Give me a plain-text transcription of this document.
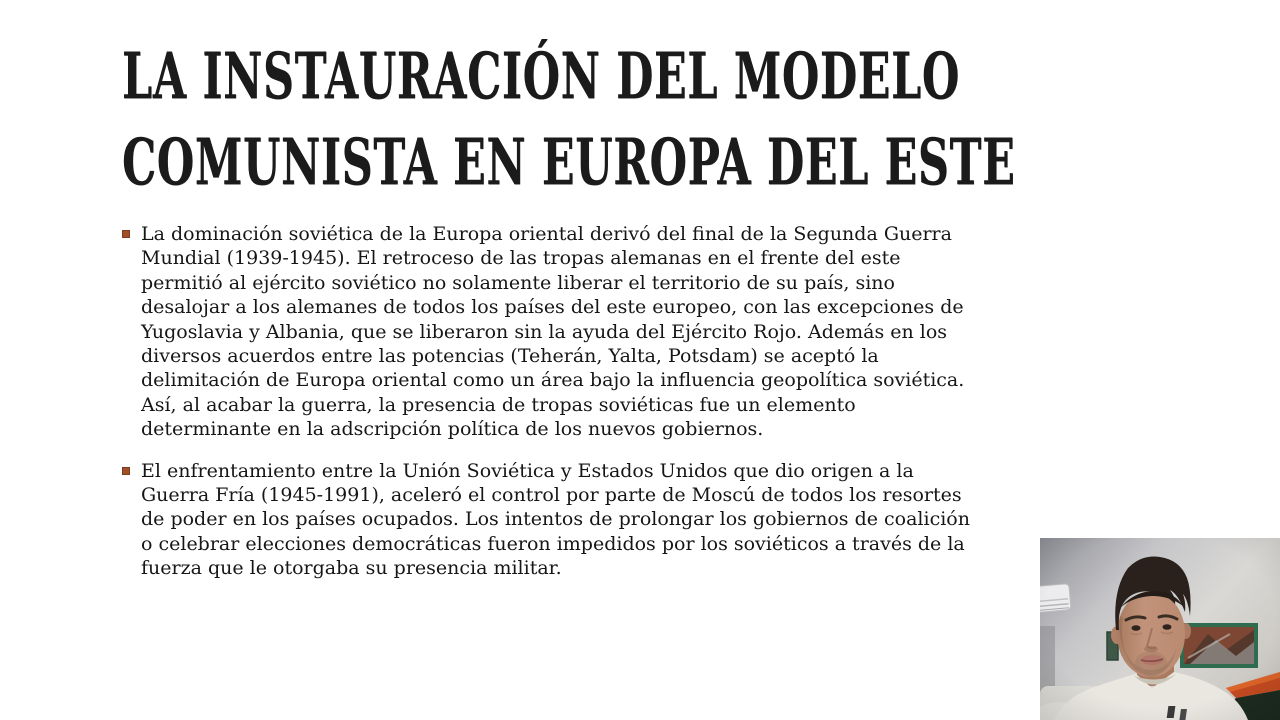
LA INSTAURACIÓN DEL MODELO
COMUNISTA EN EUROPA DEL ESTE
La dominación soviética de la Europa oriental derivó del final de la Segunda Guerra Mundial (1939-1945). El retroceso de las tropas alemanas en el frente del este permitió al ejército soviético no solamente liberar el territorio de su país, sino desalojar a los alemanes de todos los países del este europeo, con las excepciones de Yugoslavia y Albania, que se liberaron sin la ayuda del Ejército Rojo. Además en los diversos acuerdos entre las potencias (Teherán, Yalta, Potsdam) se aceptó la delimitación de Europa oriental como un área bajo la influencia geopolítica soviética. Así, al acabar la guerra, la presencia de tropas soviéticas fue un elemento determinante en la adscripción política de los nuevos gobiernos.
El enfrentamiento entre la Unión Soviética y Estados Unidos que dio origen a la Guerra Fría (1945-1991), aceleró el control por parte de Moscú de todos los resortes de poder en los países ocupados. Los intentos de prolongar los gobiernos de coalición o celebrar elecciones democráticas fueron impedidos por los soviéticos a través de la fuerza que le otorgaba su presencia militar.
